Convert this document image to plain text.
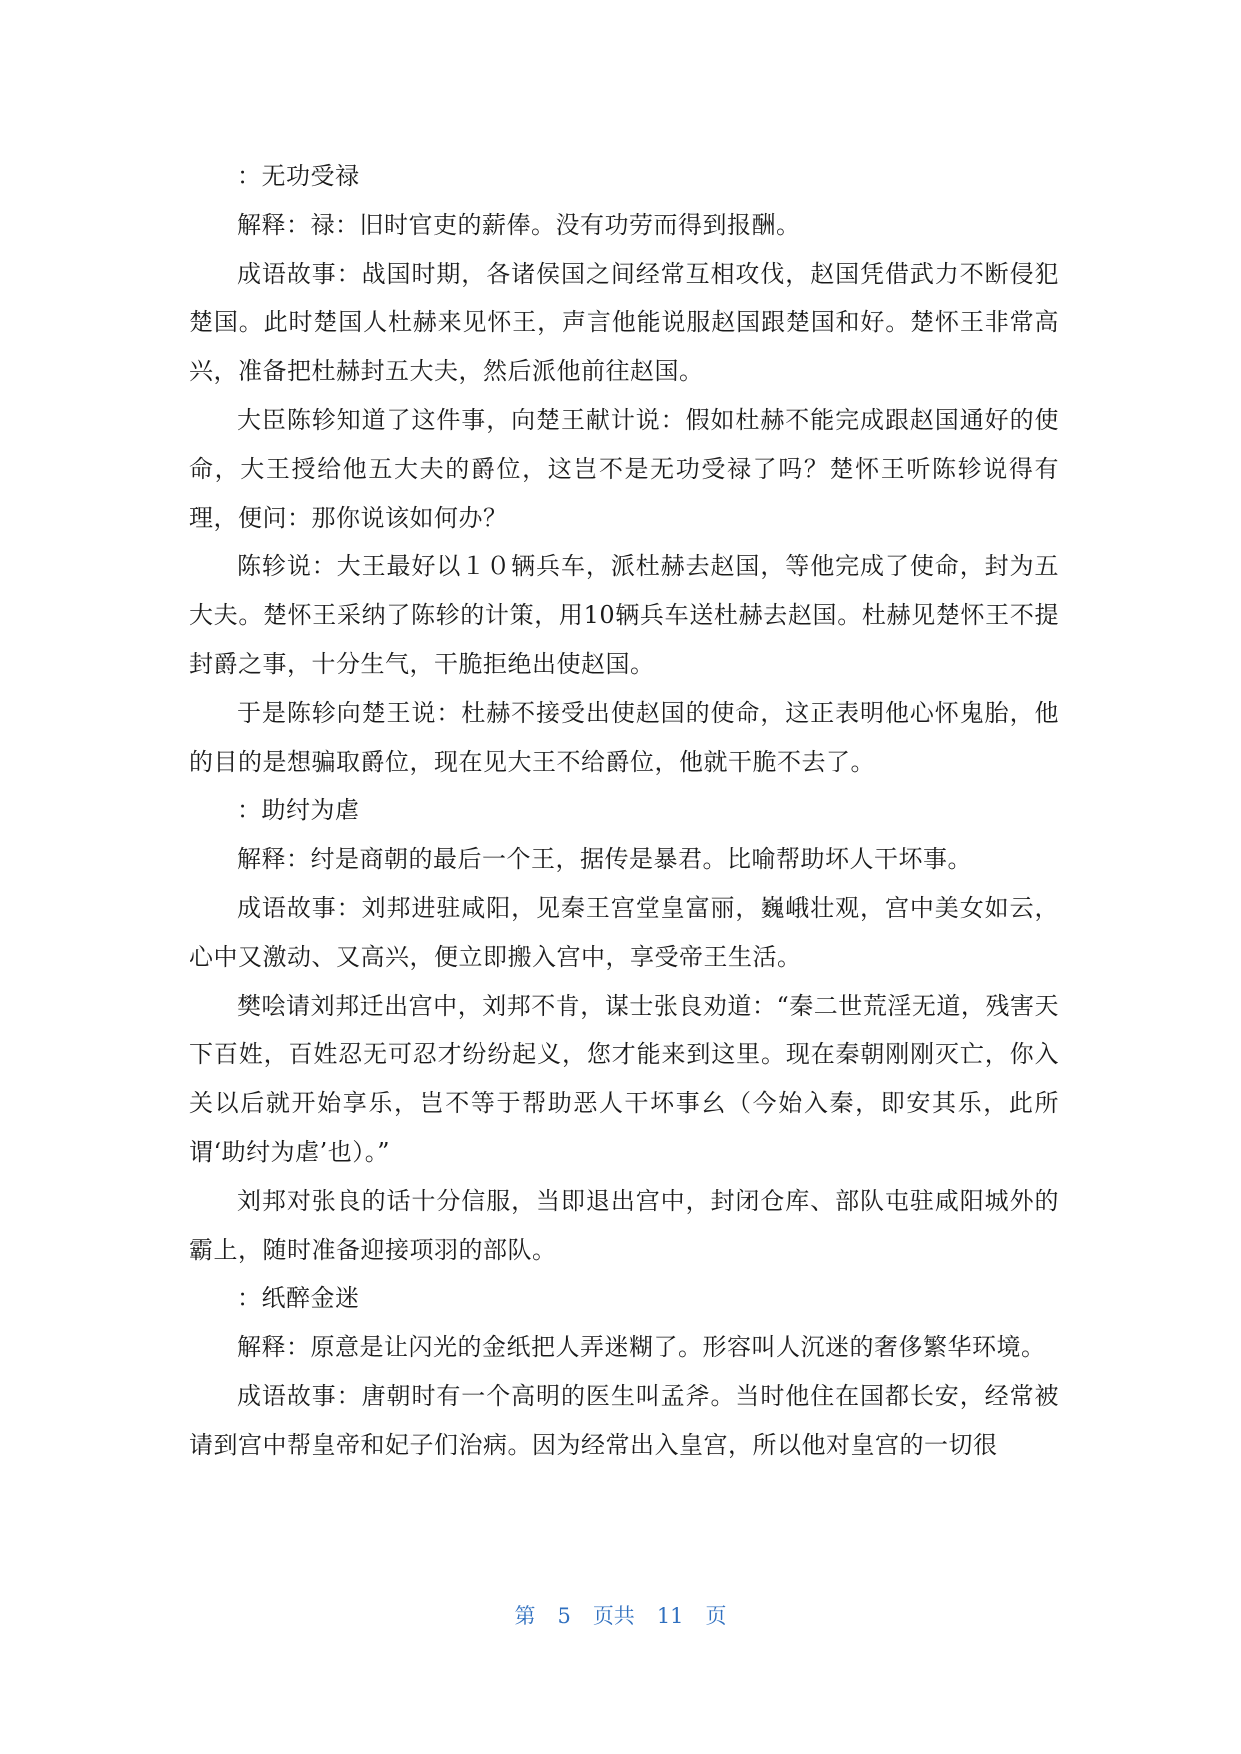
：无功受禄

解释：禄：旧时官吏的薪俸。没有功劳而得到报酬。

成语故事：战国时期，各诸侯国之间经常互相攻伐，赵国凭借武力不断侵犯楚国。此时楚国人杜赫来见怀王，声言他能说服赵国跟楚国和好。楚怀王非常高兴，准备把杜赫封五大夫，然后派他前往赵国。

大臣陈轸知道了这件事，向楚王献计说：假如杜赫不能完成跟赵国通好的使命，大王授给他五大夫的爵位，这岂不是无功受禄了吗？楚怀王听陈轸说得有理，便问：那你说该如何办？

陈轸说：大王最好以１０辆兵车，派杜赫去赵国，等他完成了使命，封为五大夫。楚怀王采纳了陈轸的计策，用10辆兵车送杜赫去赵国。杜赫见楚怀王不提封爵之事，十分生气，干脆拒绝出使赵国。

于是陈轸向楚王说：杜赫不接受出使赵国的使命，这正表明他心怀鬼胎，他的目的是想骗取爵位，现在见大王不给爵位，他就干脆不去了。

：助纣为虐

解释：纣是商朝的最后一个王，据传是暴君。比喻帮助坏人干坏事。

成语故事：刘邦进驻咸阳，见秦王宫堂皇富丽，巍峨壮观，宫中美女如云，心中又激动、又高兴，便立即搬入宫中，享受帝王生活。

樊哙请刘邦迁出宫中，刘邦不肯，谋士张良劝道：“秦二世荒淫无道，残害天下百姓，百姓忍无可忍才纷纷起义，您才能来到这里。现在秦朝刚刚灭亡，你入关以后就开始享乐，岂不等于帮助恶人干坏事幺（今始入秦，即安其乐，此所谓‘助纣为虐’也）。”

刘邦对张良的话十分信服，当即退出宫中，封闭仓库、部队屯驻咸阳城外的霸上，随时准备迎接项羽的部队。

：纸醉金迷

解释：原意是让闪光的金纸把人弄迷糊了。形容叫人沉迷的奢侈繁华环境。

成语故事：唐朝时有一个高明的医生叫孟斧。当时他住在国都长安，经常被请到宫中帮皇帝和妃子们治病。因为经常出入皇宫，所以他对皇宫的一切很

第 5 页共 11 页
